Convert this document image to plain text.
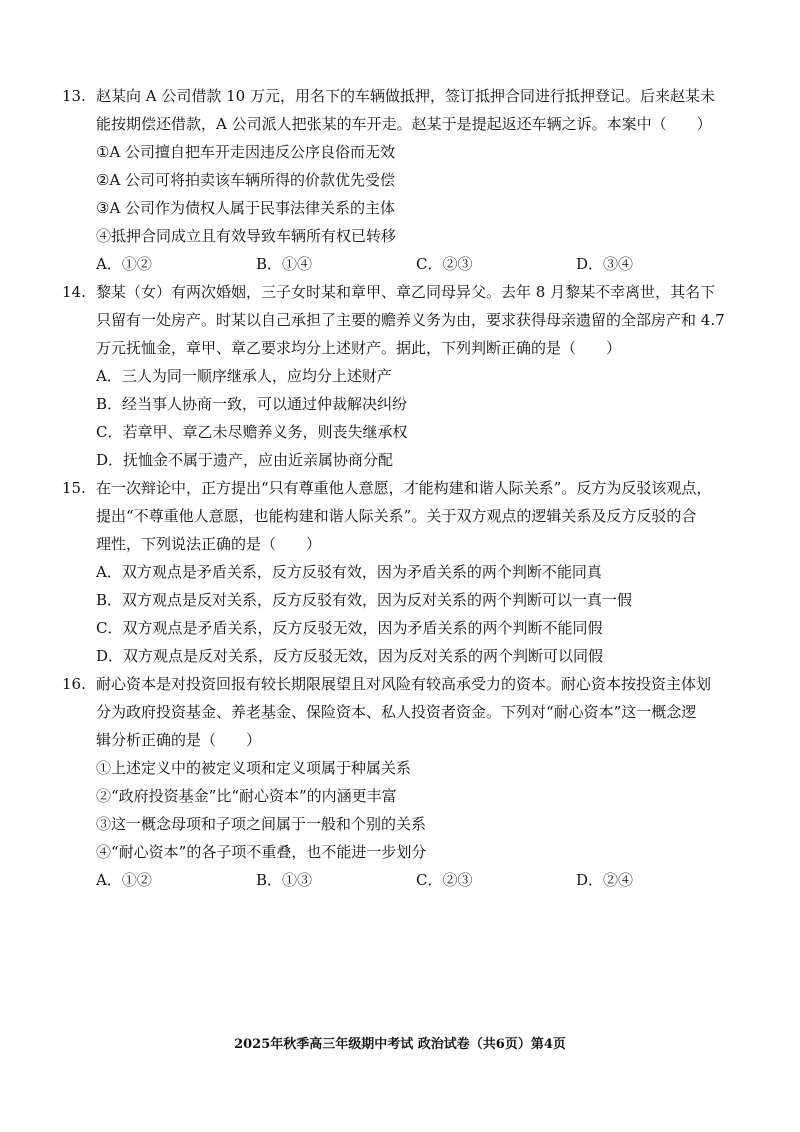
13. 赵某向 A 公司借款 10 万元，用名下的车辆做抵押，签订抵押合同进行抵押登记。后来赵某未
能按期偿还借款，A 公司派人把张某的车开走。赵某于是提起返还车辆之诉。本案中（　　）
①A 公司擅自把车开走因违反公序良俗而无效
②A 公司可将拍卖该车辆所得的价款优先受偿
③A 公司作为债权人属于民事法律关系的主体
④抵押合同成立且有效导致车辆所有权已转移
A．①②	B．①④	C．②③	D．③④
14. 黎某（女）有两次婚姻，三子女时某和章甲、章乙同母异父。去年 8 月黎某不幸离世，其名下
只留有一处房产。时某以自己承担了主要的赡养义务为由，要求获得母亲遗留的全部房产和 4.7
万元抚恤金，章甲、章乙要求均分上述财产。据此，下列判断正确的是（　　）
A．三人为同一顺序继承人，应均分上述财产
B．经当事人协商一致，可以通过仲裁解决纠纷
C．若章甲、章乙未尽赡养义务，则丧失继承权
D．抚恤金不属于遗产，应由近亲属协商分配
15. 在一次辩论中，正方提出“只有尊重他人意愿，才能构建和谐人际关系”。反方为反驳该观点，
提出“不尊重他人意愿，也能构建和谐人际关系”。关于双方观点的逻辑关系及反方反驳的合
理性，下列说法正确的是（　　）
A．双方观点是矛盾关系，反方反驳有效，因为矛盾关系的两个判断不能同真
B．双方观点是反对关系，反方反驳有效，因为反对关系的两个判断可以一真一假
C．双方观点是矛盾关系，反方反驳无效，因为矛盾关系的两个判断不能同假
D．双方观点是反对关系，反方反驳无效，因为反对关系的两个判断可以同假
16. 耐心资本是对投资回报有较长期限展望且对风险有较高承受力的资本。耐心资本按投资主体划
分为政府投资基金、养老基金、保险资本、私人投资者资金。下列对“耐心资本”这一概念逻
辑分析正确的是（　　）
①上述定义中的被定义项和定义项属于种属关系
②“政府投资基金”比“耐心资本”的内涵更丰富
③这一概念母项和子项之间属于一般和个别的关系
④“耐心资本”的各子项不重叠，也不能进一步划分
A．①②	B．①③	C．②③	D．②④
2025年秋季高三年级期中考试 政治试卷（共6页）第4页
